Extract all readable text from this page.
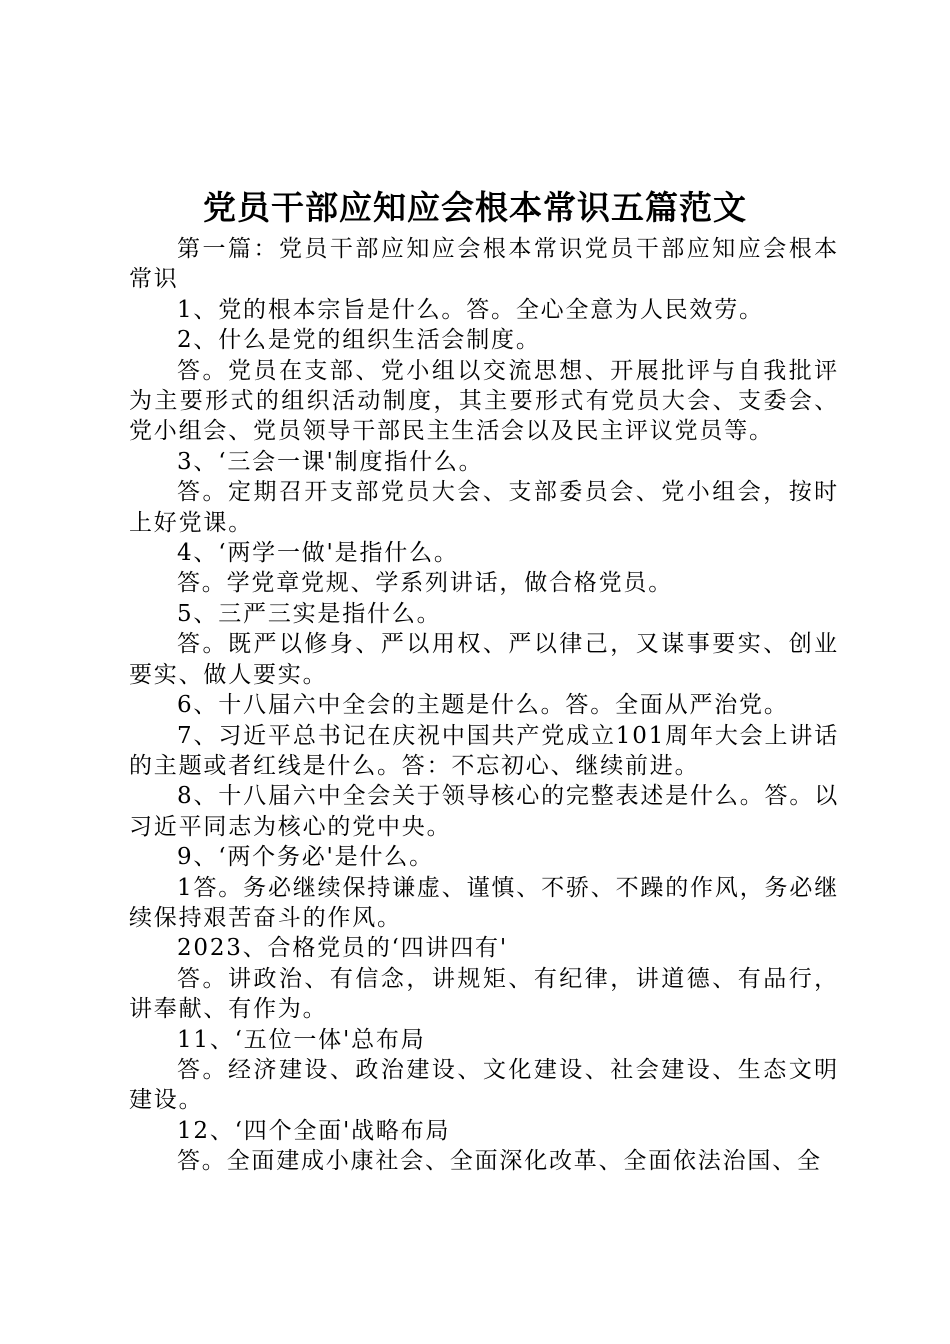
党员干部应知应会根本常识五篇范文

第一篇：党员干部应知应会根本常识党员干部应知应会根本常识

1、党的根本宗旨是什么。答。全心全意为人民效劳。

2、什么是党的组织生活会制度。

答。党员在支部、党小组以交流思想、开展批评与自我批评为主要形式的组织活动制度，其主要形式有党员大会、支委会、党小组会、党员领导干部民主生活会以及民主评议党员等。

3、‘三会一课'制度指什么。

答。定期召开支部党员大会、支部委员会、党小组会，按时上好党课。

4、‘两学一做'是指什么。

答。学党章党规、学系列讲话，做合格党员。

5、三严三实是指什么。

答。既严以修身、严以用权、严以律己，又谋事要实、创业要实、做人要实。

6、十八届六中全会的主题是什么。答。全面从严治党。

7、习近平总书记在庆祝中国共产党成立101周年大会上讲话的主题或者红线是什么。答：不忘初心、继续前进。

8、十八届六中全会关于领导核心的完整表述是什么。答。以习近平同志为核心的党中央。

9、‘两个务必'是什么。

1答。务必继续保持谦虚、谨慎、不骄、不躁的作风，务必继续保持艰苦奋斗的作风。

2023、合格党员的‘四讲四有'

答。讲政治、有信念，讲规矩、有纪律，讲道德、有品行，讲奉献、有作为。

11、‘五位一体'总布局

答。经济建设、政治建设、文化建设、社会建设、生态文明建设。

12、‘四个全面'战略布局

答。全面建成小康社会、全面深化改革、全面依法治国、全
